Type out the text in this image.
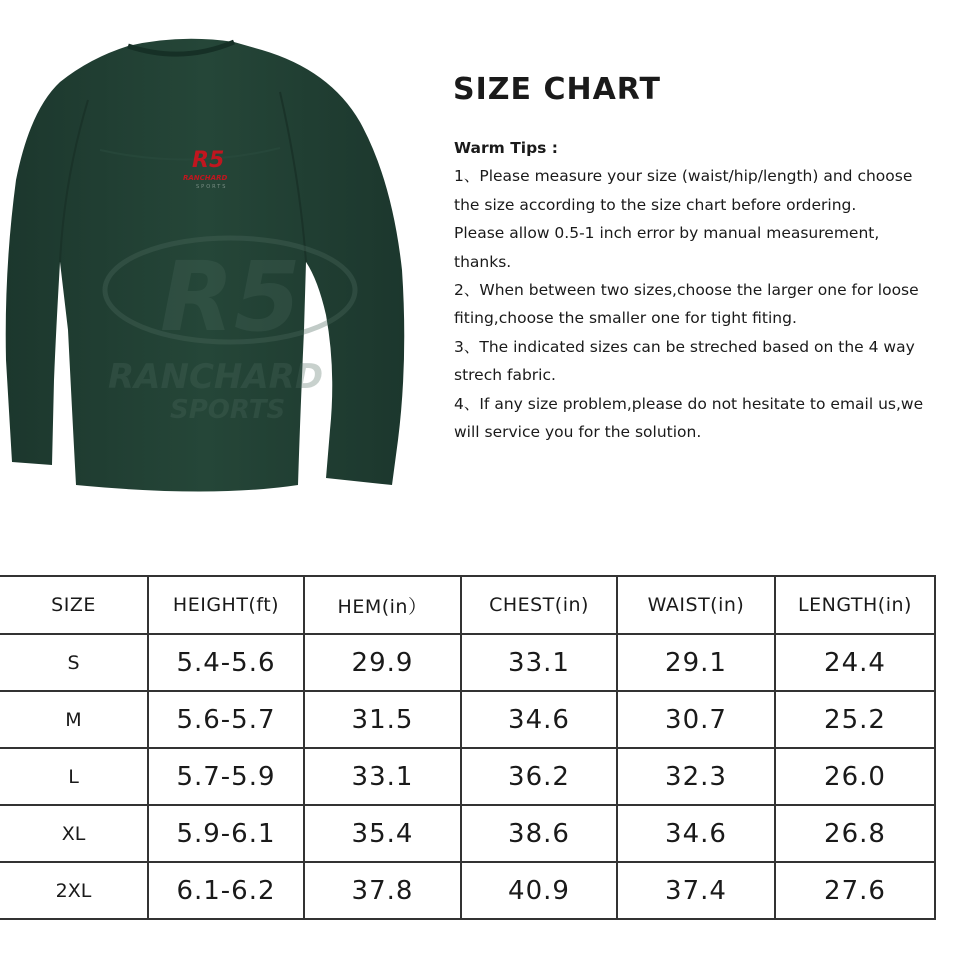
R5
RANCHARD
SPORTS
R5
RANCHARD
SPORTS
SIZE CHART
Warm Tips :
1、Please measure your size (waist/hip/length) and choose
the size according to the size chart before ordering.
Please allow 0.5-1 inch error by manual measurement,
thanks.
2、When between two sizes,choose the larger one for loose
fiting,choose the smaller one for tight fiting.
3、The indicated sizes can be streched based on the 4 way
strech fabric.
4、If any size problem,please do not hesitate to email us,we
will service you for the solution.
SIZE	HEIGHT(ft)	HEM(in）	CHEST(in)	WAIST(in)	LENGTH(in)
S	5.4-5.6	29.9	33.1	29.1	24.4
M	5.6-5.7	31.5	34.6	30.7	25.2
L	5.7-5.9	33.1	36.2	32.3	26.0
XL	5.9-6.1	35.4	38.6	34.6	26.8
2XL	6.1-6.2	37.8	40.9	37.4	27.6
